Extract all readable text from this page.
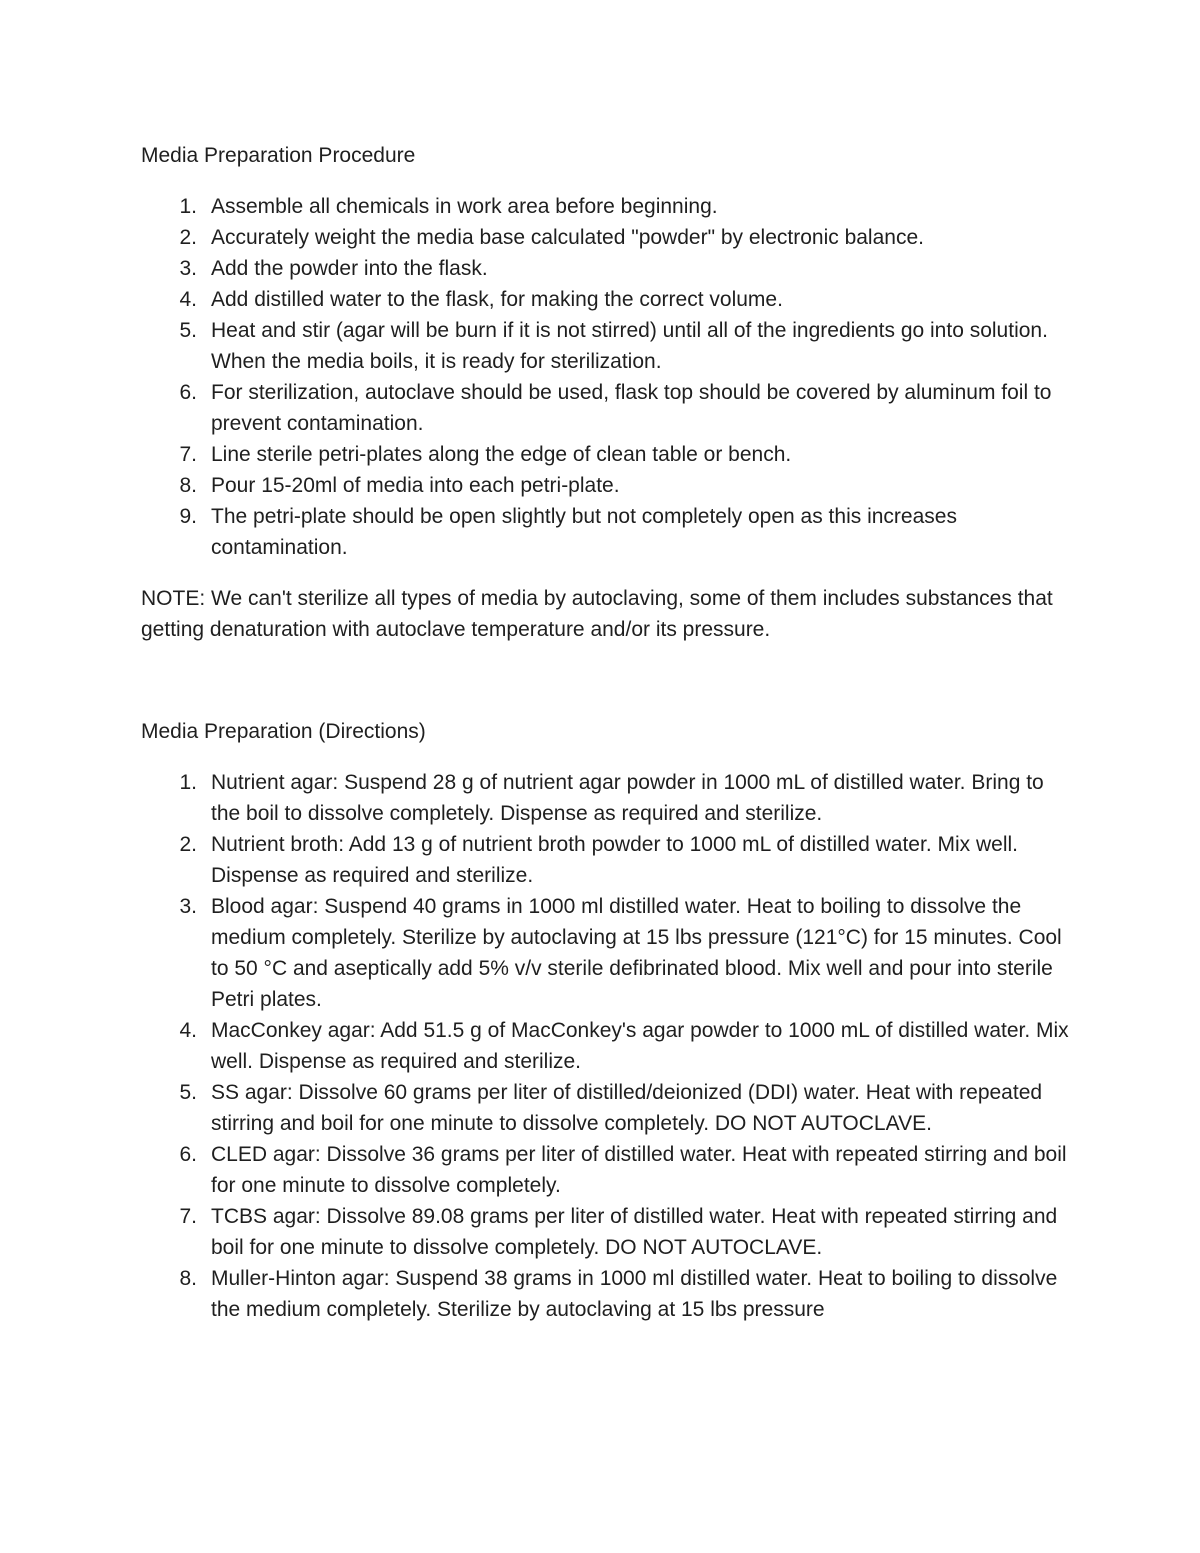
Media Preparation Procedure

1. Assemble all chemicals in work area before beginning.
2. Accurately weight the media base calculated "powder" by electronic balance.
3. Add the powder into the flask.
4. Add distilled water to the flask, for making the correct volume.
5. Heat and stir (agar will be burn if it is not stirred) until all of the ingredients go into solution. When the media boils, it is ready for sterilization.
6. For sterilization, autoclave should be used, flask top should be covered by aluminum foil to prevent contamination.
7. Line sterile petri-plates along the edge of clean table or bench.
8. Pour 15-20ml of media into each petri-plate.
9. The petri-plate should be open slightly but not completely open as this increases contamination.

NOTE: We can't sterilize all types of media by autoclaving, some of them includes substances that getting denaturation with autoclave temperature and/or its pressure.

Media Preparation (Directions)

1. Nutrient agar: Suspend 28 g of nutrient agar powder in 1000 mL of distilled water. Bring to the boil to dissolve completely. Dispense as required and sterilize.
2. Nutrient broth: Add 13 g of nutrient broth powder to 1000 mL of distilled water. Mix well. Dispense as required and sterilize.
3. Blood agar: Suspend 40 grams in 1000 ml distilled water. Heat to boiling to dissolve the medium completely. Sterilize by autoclaving at 15 lbs pressure (121°C) for 15 minutes. Cool to 50 °C and aseptically add 5% v/v sterile defibrinated blood. Mix well and pour into sterile Petri plates.
4. MacConkey agar: Add 51.5 g of MacConkey's agar powder to 1000 mL of distilled water. Mix well. Dispense as required and sterilize.
5. SS agar: Dissolve 60 grams per liter of distilled/deionized (DDI) water. Heat with repeated stirring and boil for one minute to dissolve completely. DO NOT AUTOCLAVE.
6. CLED agar: Dissolve 36 grams per liter of distilled water. Heat with repeated stirring and boil for one minute to dissolve completely.
7. TCBS agar: Dissolve 89.08 grams per liter of distilled water. Heat with repeated stirring and boil for one minute to dissolve completely. DO NOT AUTOCLAVE.
8. Muller-Hinton agar: Suspend 38 grams in 1000 ml distilled water. Heat to boiling to dissolve the medium completely. Sterilize by autoclaving at 15 lbs pressure
